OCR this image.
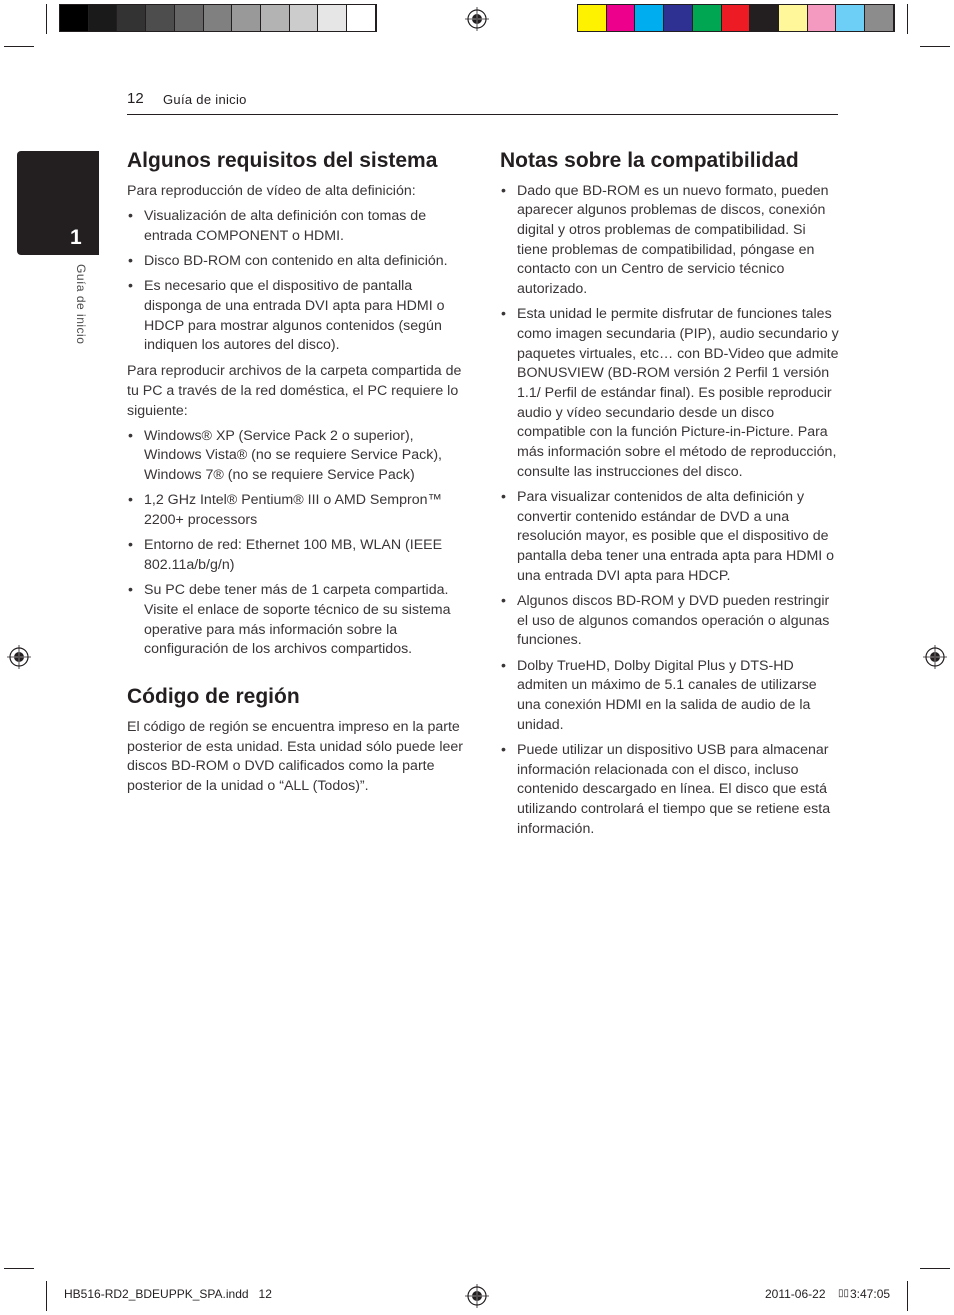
12 Guía de inicio
1
Guía de inicio
Algunos requisitos del sistema

Para reproducción de vídeo de alta definición:

• Visualización de alta definición con tomas de entrada COMPONENT o HDMI.
• Disco BD-ROM con contenido en alta definición.
• Es necesario que el dispositivo de pantalla disponga de una entrada DVI apta para HDMI o HDCP para mostrar algunos contenidos (según indiquen los autores del disco).

Para reproducir archivos de la carpeta compartida de tu PC a través de la red doméstica, el PC requiere lo siguiente:

• Windows® XP (Service Pack 2 o superior), Windows Vista® (no se requiere Service Pack), Windows 7® (no se requiere Service Pack)
• 1,2 GHz Intel® Pentium® III o AMD Sempron™ 2200+ processors
• Entorno de red: Ethernet 100 MB, WLAN (IEEE 802.11a/b/g/n)
• Su PC debe tener más de 1 carpeta compartida. Visite el enlace de soporte técnico de su sistema operative para más información sobre la configuración de los archivos compartidos.
Código de región

El código de región se encuentra impreso en la parte posterior de esta unidad. Esta unidad sólo puede leer discos BD-ROM o DVD calificados como la parte posterior de la unidad o “ALL (Todos)”.

Notas sobre la compatibilidad
• Dado que BD-ROM es un nuevo formato, pueden aparecer algunos problemas de discos, conexión digital y otros problemas de compatibilidad. Si tiene problemas de compatibilidad, póngase en contacto con un Centro de servicio técnico autorizado.
• Esta unidad le permite disfrutar de funciones tales como imagen secundaria (PIP), audio secundario y paquetes virtuales, etc… con BD-Video que admite BONUSVIEW (BD-ROM versión 2 Perfil 1 versión 1.1/ Perfil de estándar final). Es posible reproducir audio y vídeo secundario desde un disco compatible con la función Picture-in-Picture. Para más información sobre el método de reproducción, consulte las instrucciones del disco.
• Para visualizar contenidos de alta definición y convertir contenido estándar de DVD a una resolución mayor, es posible que el dispositivo de pantalla deba tener una entrada apta para HDMI o una entrada DVI apta para HDCP.
• Algunos discos BD-ROM y DVD pueden restringir el uso de algunos comandos operación o algunas funciones.
• Dolby TrueHD, Dolby Digital Plus y DTS-HD admiten un máximo de 5.1 canales de utilizarse una conexión HDMI en la salida de audio de la unidad.
• Puede utilizar un dispositivo USB para almacenar información relacionada con el disco, incluso contenido descargado en línea. El disco que está utilizando controlará el tiempo que se retiene esta información.
HB516-RD2_BDEUPPK_SPA.indd   12	2011-06-22 ▯▯ 3:47:05
